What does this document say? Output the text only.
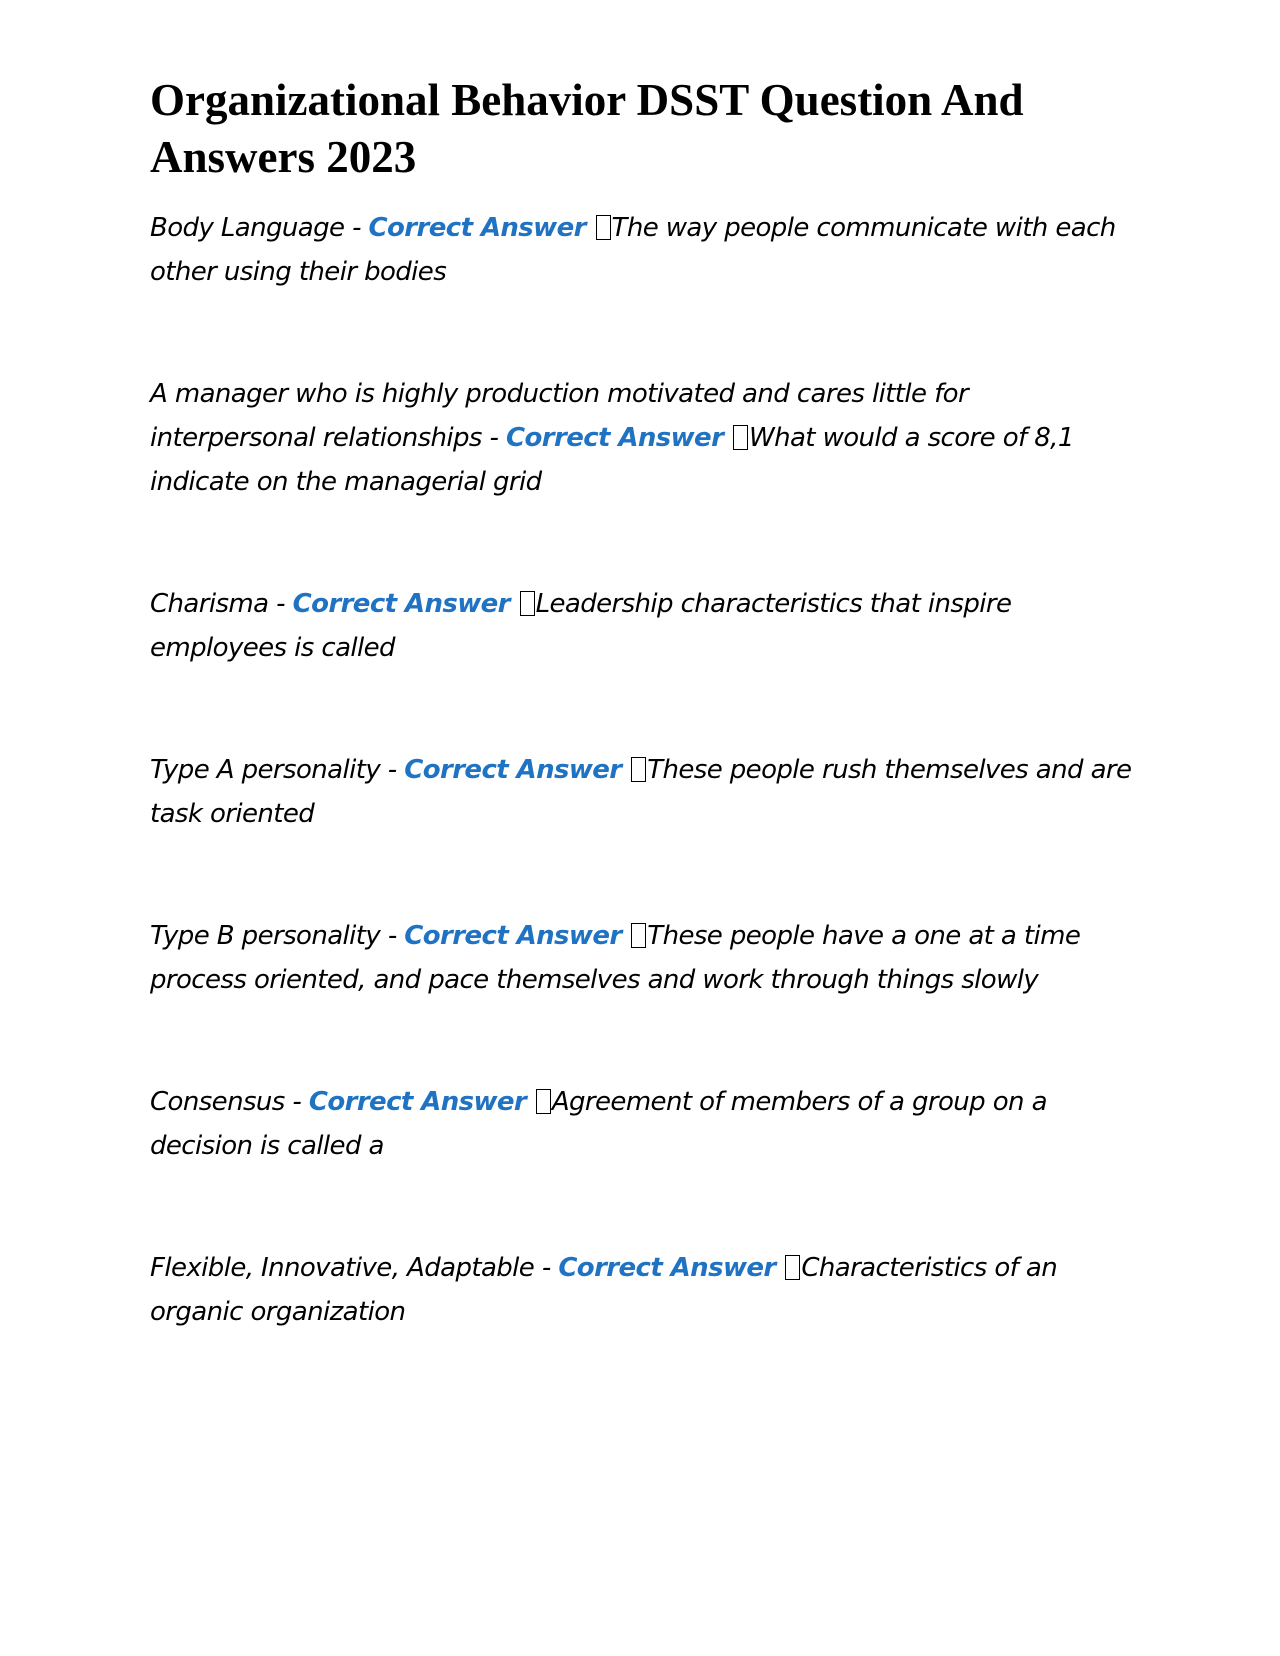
Organizational Behavior DSST Question And Answers 2023
Body Language - Correct Answer The way people communicate with each other using their bodies
A manager who is highly production motivated and cares little for interpersonal relationships - Correct Answer What would a score of 8,1 indicate on the managerial grid
Charisma - Correct Answer Leadership characteristics that inspire employees is called
Type A personality - Correct Answer These people rush themselves and are task oriented
Type B personality - Correct Answer These people have a one at a time process oriented, and pace themselves and work through things slowly
Consensus - Correct Answer Agreement of members of a group on a decision is called a
Flexible, Innovative, Adaptable - Correct Answer Characteristics of an organic organization
